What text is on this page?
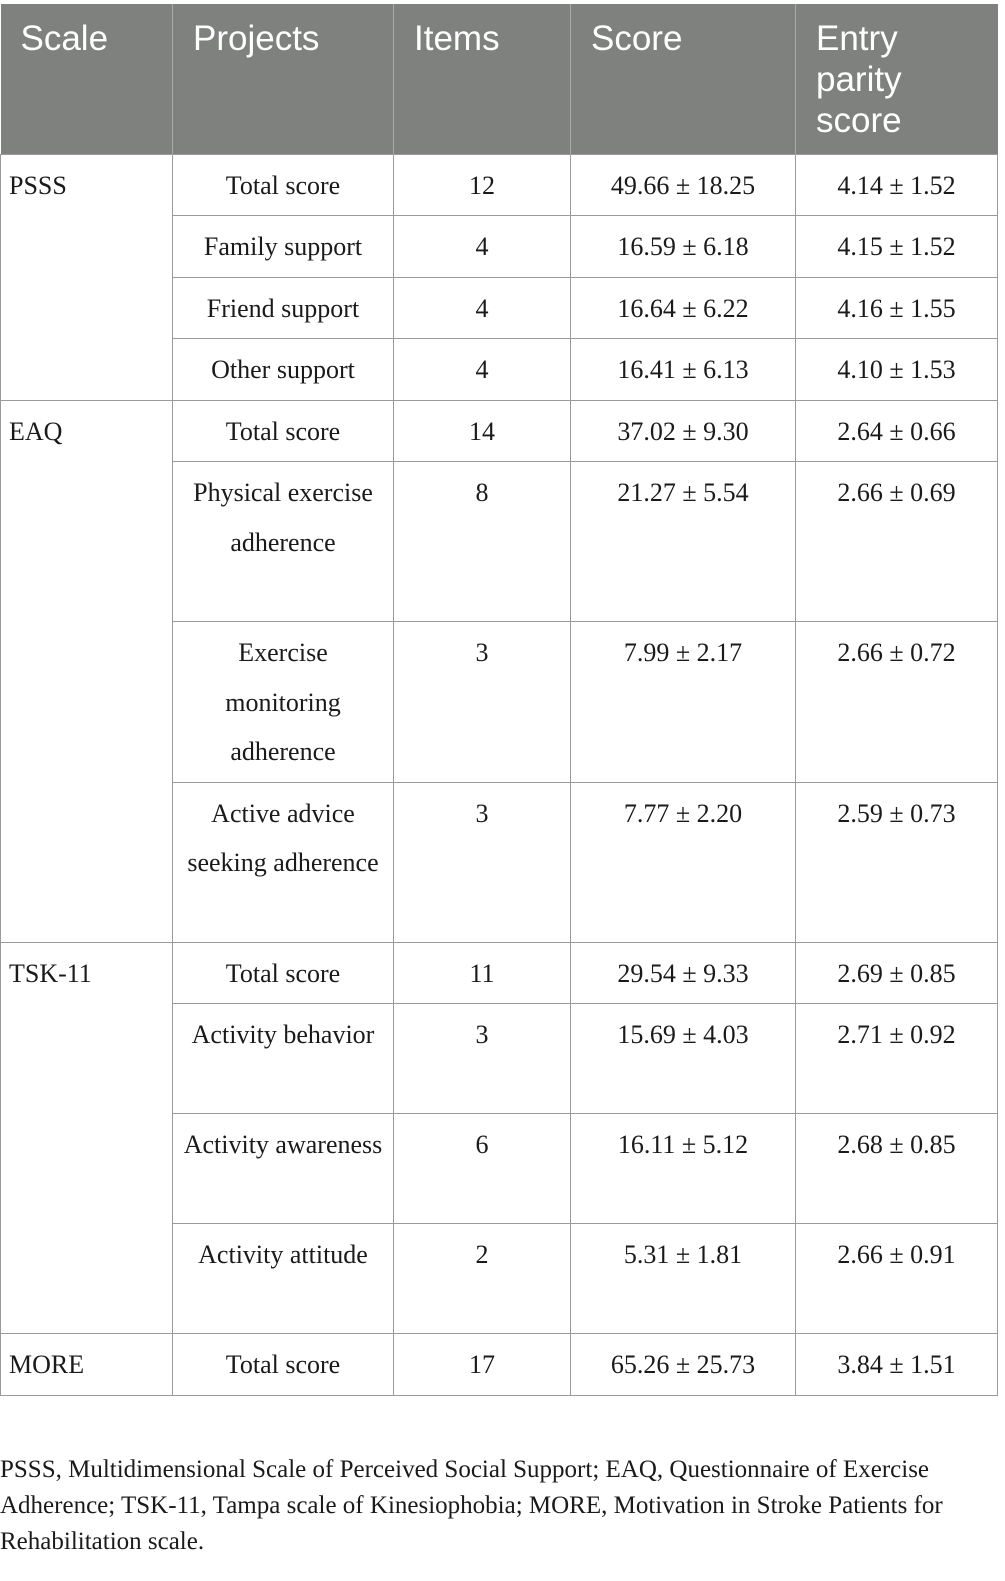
Scale	Projects	Items	Score	Entry parity score
PSSS	Total score	12	49.66 ± 18.25	4.14 ± 1.52
	Family support	4	16.59 ± 6.18	4.15 ± 1.52
	Friend support	4	16.64 ± 6.22	4.16 ± 1.55
	Other support	4	16.41 ± 6.13	4.10 ± 1.53
EAQ	Total score	14	37.02 ± 9.30	2.64 ± 0.66
	Physical exercise adherence	8	21.27 ± 5.54	2.66 ± 0.69
	Exercise monitoring adherence	3	7.99 ± 2.17	2.66 ± 0.72
	Active advice seeking adherence	3	7.77 ± 2.20	2.59 ± 0.73
TSK-11	Total score	11	29.54 ± 9.33	2.69 ± 0.85
	Activity behavior	3	15.69 ± 4.03	2.71 ± 0.92
	Activity awareness	6	16.11 ± 5.12	2.68 ± 0.85
	Activity attitude	2	5.31 ± 1.81	2.66 ± 0.91
MORE	Total score	17	65.26 ± 25.73	3.84 ± 1.51
PSSS, Multidimensional Scale of Perceived Social Support; EAQ, Questionnaire of Exercise Adherence; TSK-11, Tampa scale of Kinesiophobia; MORE, Motivation in Stroke Patients for Rehabilitation scale.
